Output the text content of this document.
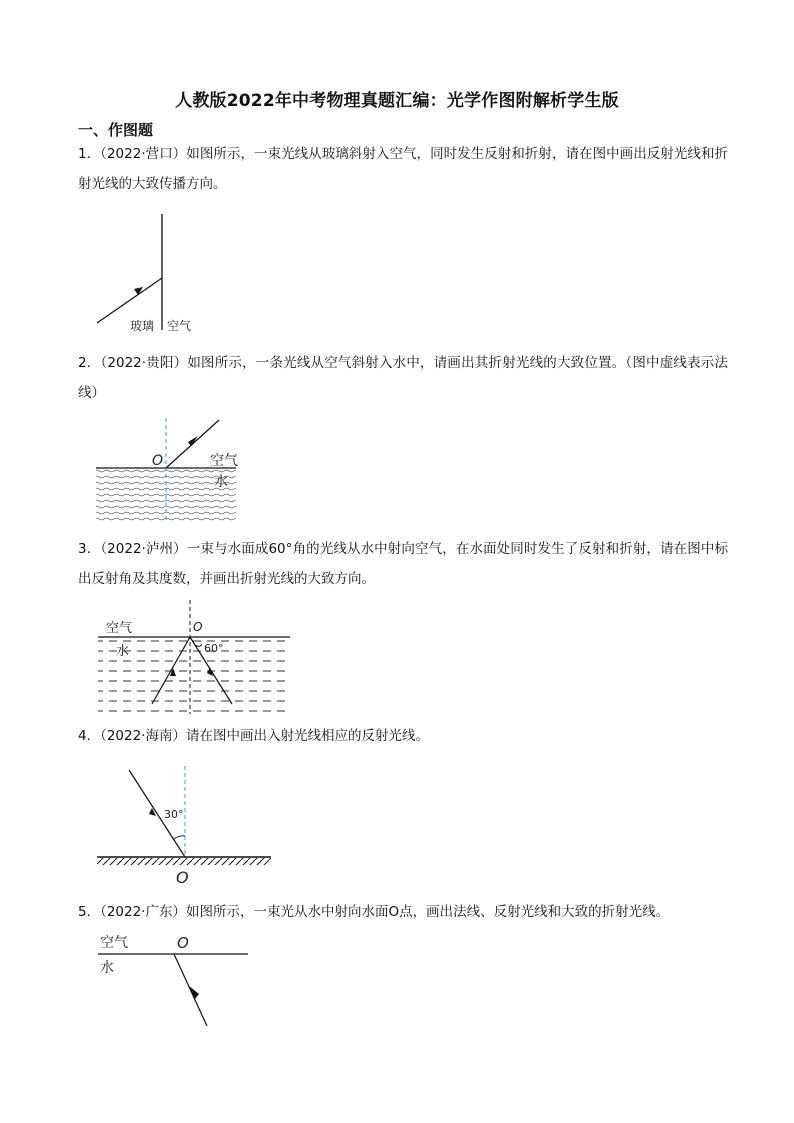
人教版2022年中考物理真题汇编：光学作图附解析学生版
一、作图题
1．（2022·营口）如图所示，一束光线从玻璃斜射入空气，同时发生反射和折射，请在图中画出反射光线和折射光线的大致传播方向。
玻璃 空气
2．（2022·贵阳）如图所示，一条光线从空气斜射入水中，请画出其折射光线的大致位置。（图中虚线表示法线）
O	空气
水
3．（2022·泸州）一束与水面成60°角的光线从水中射向空气，在水面处同时发生了反射和折射，请在图中标出反射角及其度数，并画出折射光线的大致方向。
空气	O
水	60°
4．（2022·海南）请在图中画出入射光线相应的反射光线。
30°
O
5．（2022·广东）如图所示，一束光从水中射向水面O点，画出法线、反射光线和大致的折射光线。
空气	O
水
